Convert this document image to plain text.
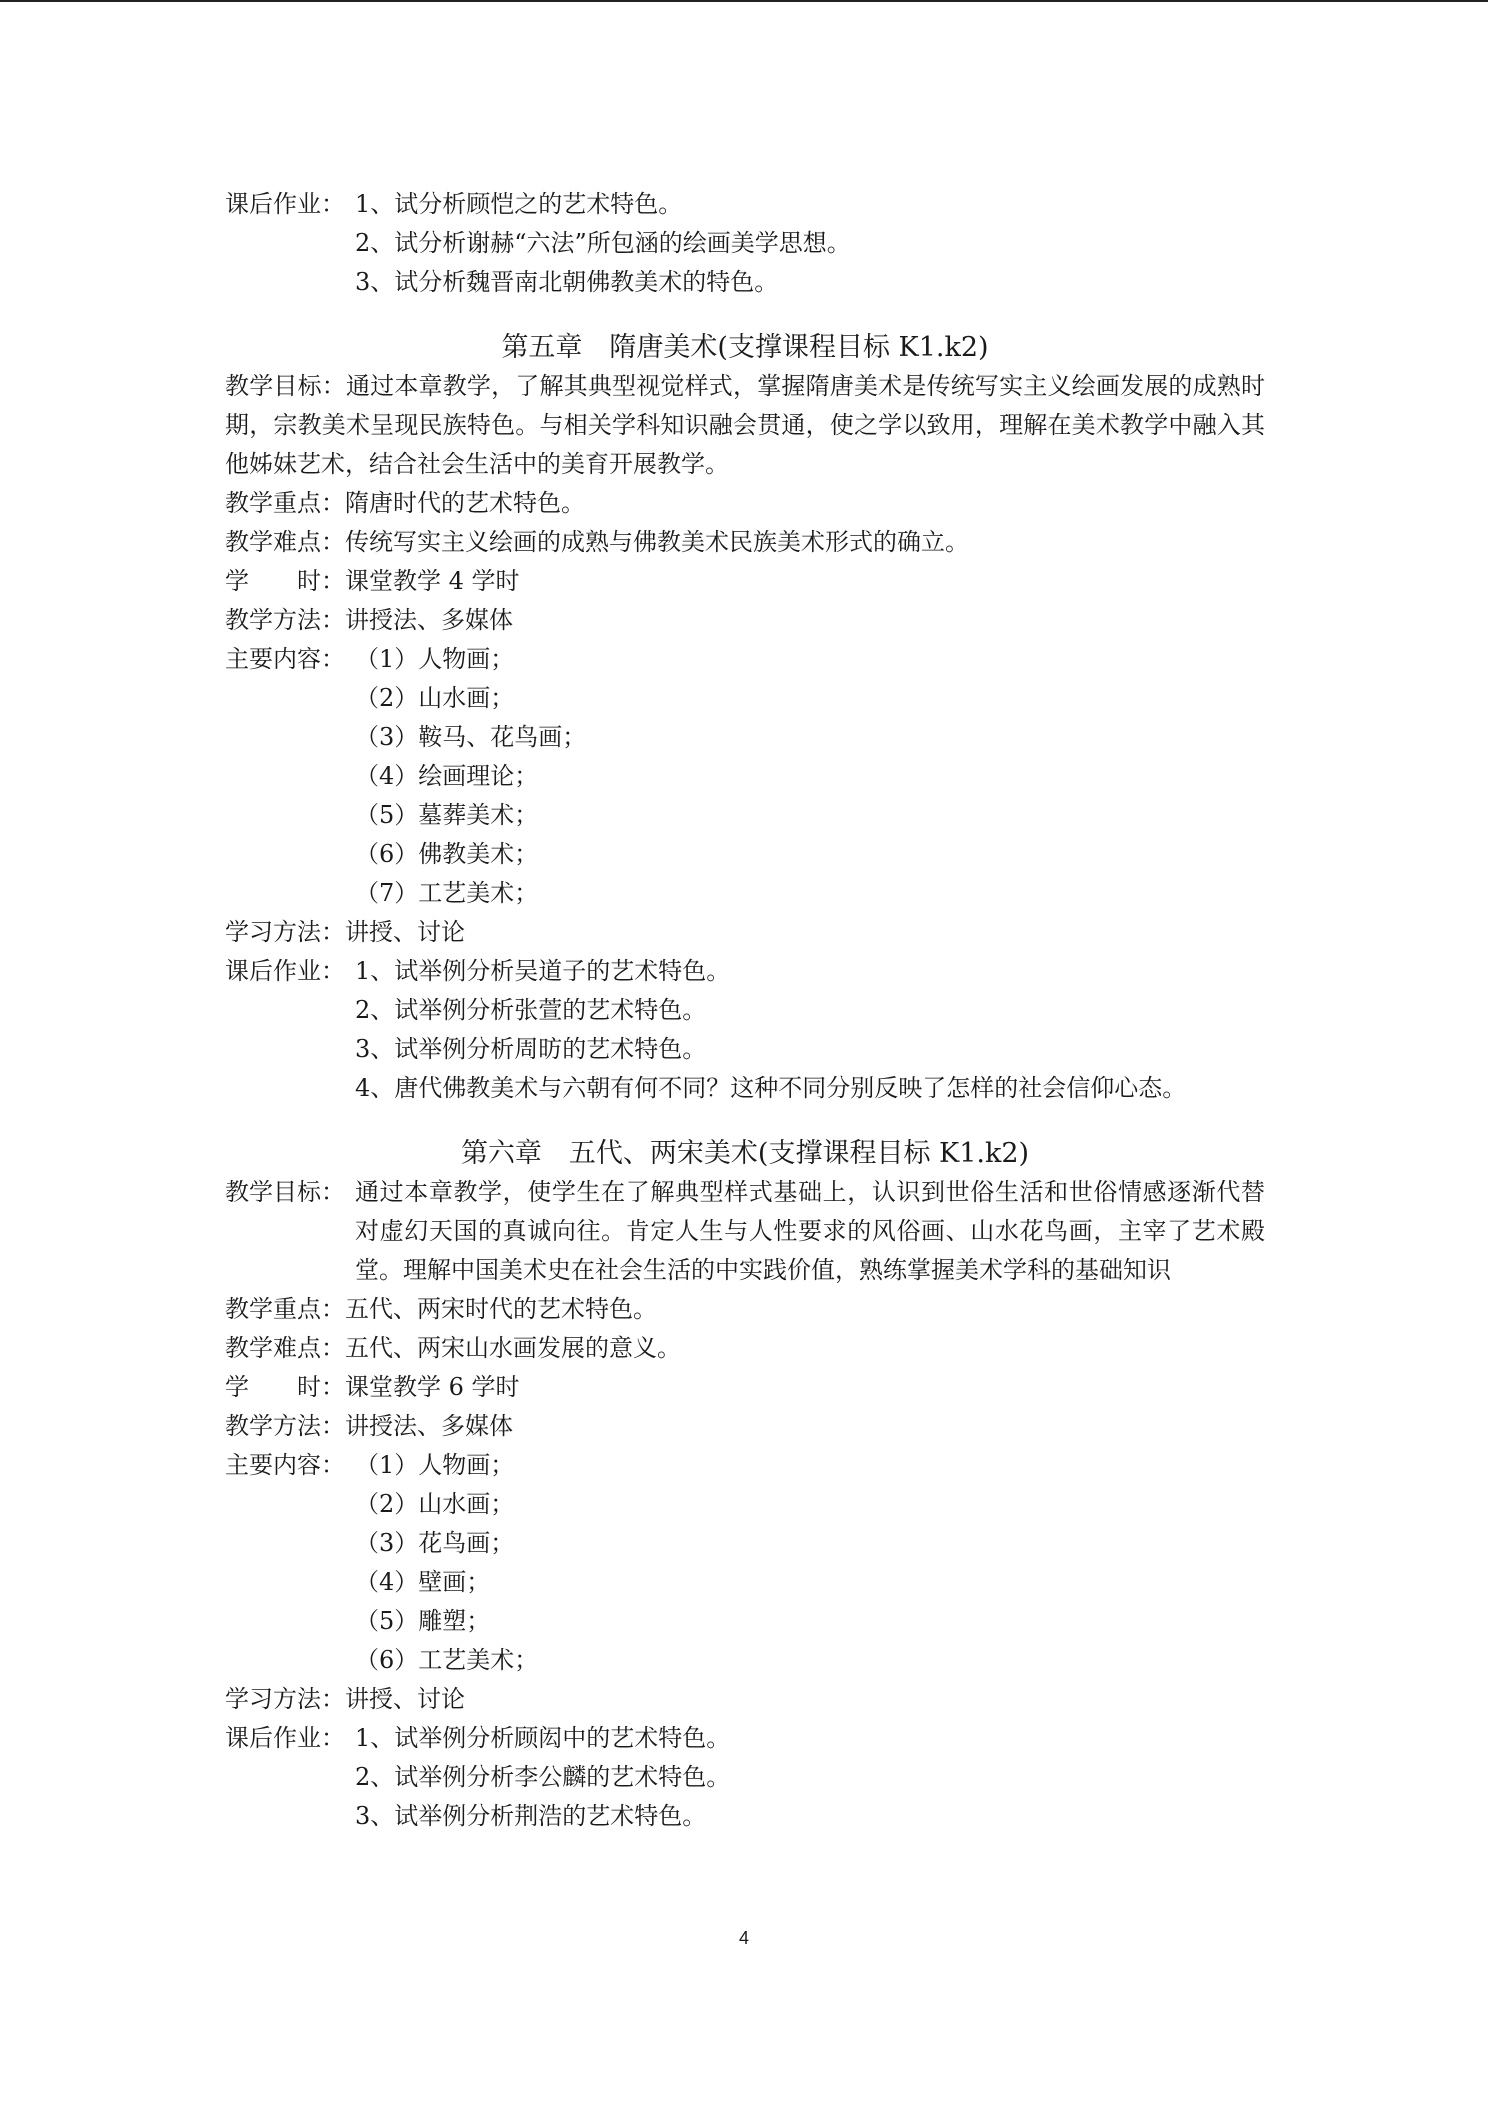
课后作业： 1、试分析顾恺之的艺术特色。
2、试分析谢赫“六法”所包涵的绘画美学思想。
3、试分析魏晋南北朝佛教美术的特色。
第五章　隋唐美术(支撑课程目标 K1.k2)
教学目标：通过本章教学，了解其典型视觉样式，掌握隋唐美术是传统写实主义绘画发展的成熟时期，宗教美术呈现民族特色。与相关学科知识融会贯通，使之学以致用，理解在美术教学中融入其他姊妹艺术，结合社会生活中的美育开展教学。
教学重点：隋唐时代的艺术特色。
教学难点：传统写实主义绘画的成熟与佛教美术民族美术形式的确立。
学　　时：课堂教学 4 学时
教学方法：讲授法、多媒体
主要内容： （1）人物画；
（2）山水画；
（3）鞍马、花鸟画；
（4）绘画理论；
（5）墓葬美术；
（6）佛教美术；
（7）工艺美术；
学习方法：讲授、讨论
课后作业： 1、试举例分析吴道子的艺术特色。
2、试举例分析张萱的艺术特色。
3、试举例分析周昉的艺术特色。
4、唐代佛教美术与六朝有何不同？这种不同分别反映了怎样的社会信仰心态。
第六章　五代、两宋美术(支撑课程目标 K1.k2)
教学目标： 通过本章教学，使学生在了解典型样式基础上，认识到世俗生活和世俗情感逐渐代替对虚幻天国的真诚向往。肯定人生与人性要求的风俗画、山水花鸟画，主宰了艺术殿堂。理解中国美术史在社会生活的中实践价值，熟练掌握美术学科的基础知识
教学重点：五代、两宋时代的艺术特色。
教学难点：五代、两宋山水画发展的意义。
学　　时：课堂教学 6 学时
教学方法：讲授法、多媒体
主要内容： （1）人物画；
（2）山水画；
（3）花鸟画；
（4）壁画；
（5）雕塑；
（6）工艺美术；
学习方法：讲授、讨论
课后作业： 1、试举例分析顾闳中的艺术特色。
2、试举例分析李公麟的艺术特色。
3、试举例分析荆浩的艺术特色。
4
